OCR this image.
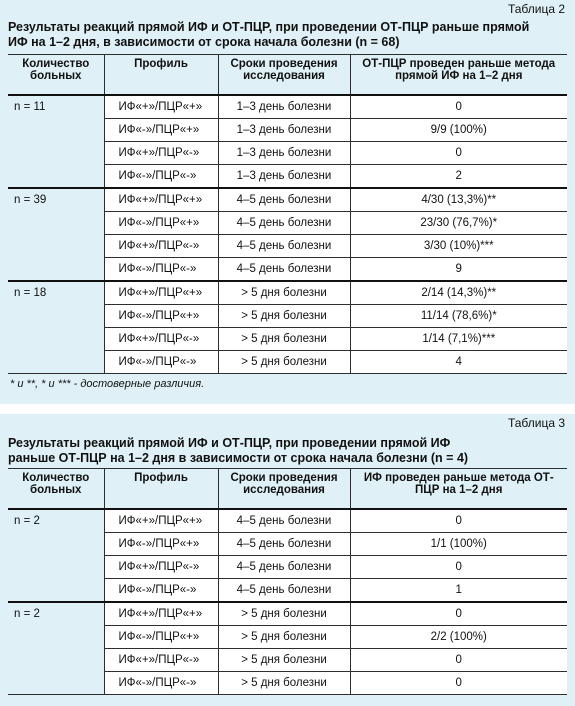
Таблица 2
Результаты реакций прямой ИФ и ОТ-ПЦР, при проведении ОТ-ПЦР раньше прямой
ИФ на 1–2 дня, в зависимости от срока начала болезни (n = 68)
Количество больных	Профиль	Сроки проведения исследования	ОТ-ПЦР проведен раньше метода прямой ИФ на 1–2 дня
n = 11	ИФ«+»/ПЦР«+»	1–3 день болезни	0
	ИФ«-»/ПЦР«+»	1–3 день болезни	9/9 (100%)
	ИФ«+»/ПЦР«-»	1–3 день болезни	0
	ИФ«-»/ПЦР«-»	1–3 день болезни	2
n = 39	ИФ«+»/ПЦР«+»	4–5 день болезни	4/30 (13,3%)**
	ИФ«-»/ПЦР«+»	4–5 день болезни	23/30 (76,7%)*
	ИФ«+»/ПЦР«-»	4–5 день болезни	3/30 (10%)***
	ИФ«-»/ПЦР«-»	4–5 день болезни	9
n = 18	ИФ«+»/ПЦР«+»	> 5 дня болезни	2/14 (14,3%)**
	ИФ«-»/ПЦР«+»	> 5 дня болезни	11/14 (78,6%)*
	ИФ«+»/ПЦР«-»	> 5 дня болезни	1/14 (7,1%)***
	ИФ«-»/ПЦР«-»	> 5 дня болезни	4
* и **, * и *** - достоверные различия.
Таблица 3
Результаты реакций прямой ИФ и ОТ-ПЦР, при проведении прямой ИФ
раньше ОТ-ПЦР на 1–2 дня в зависимости от срока начала болезни (n = 4)
Количество больных	Профиль	Сроки проведения исследования	ИФ проведен раньше метода ОТ-ПЦР на 1–2 дня
n = 2	ИФ«+»/ПЦР«+»	4–5 день болезни	0
	ИФ«-»/ПЦР«+»	4–5 день болезни	1/1 (100%)
	ИФ«+»/ПЦР«-»	4–5 день болезни	0
	ИФ«-»/ПЦР«-»	4–5 день болезни	1
n = 2	ИФ«+»/ПЦР«+»	> 5 дня болезни	0
	ИФ«-»/ПЦР«+»	> 5 дня болезни	2/2 (100%)
	ИФ«+»/ПЦР«-»	> 5 дня болезни	0
	ИФ«-»/ПЦР«-»	> 5 дня болезни	0
